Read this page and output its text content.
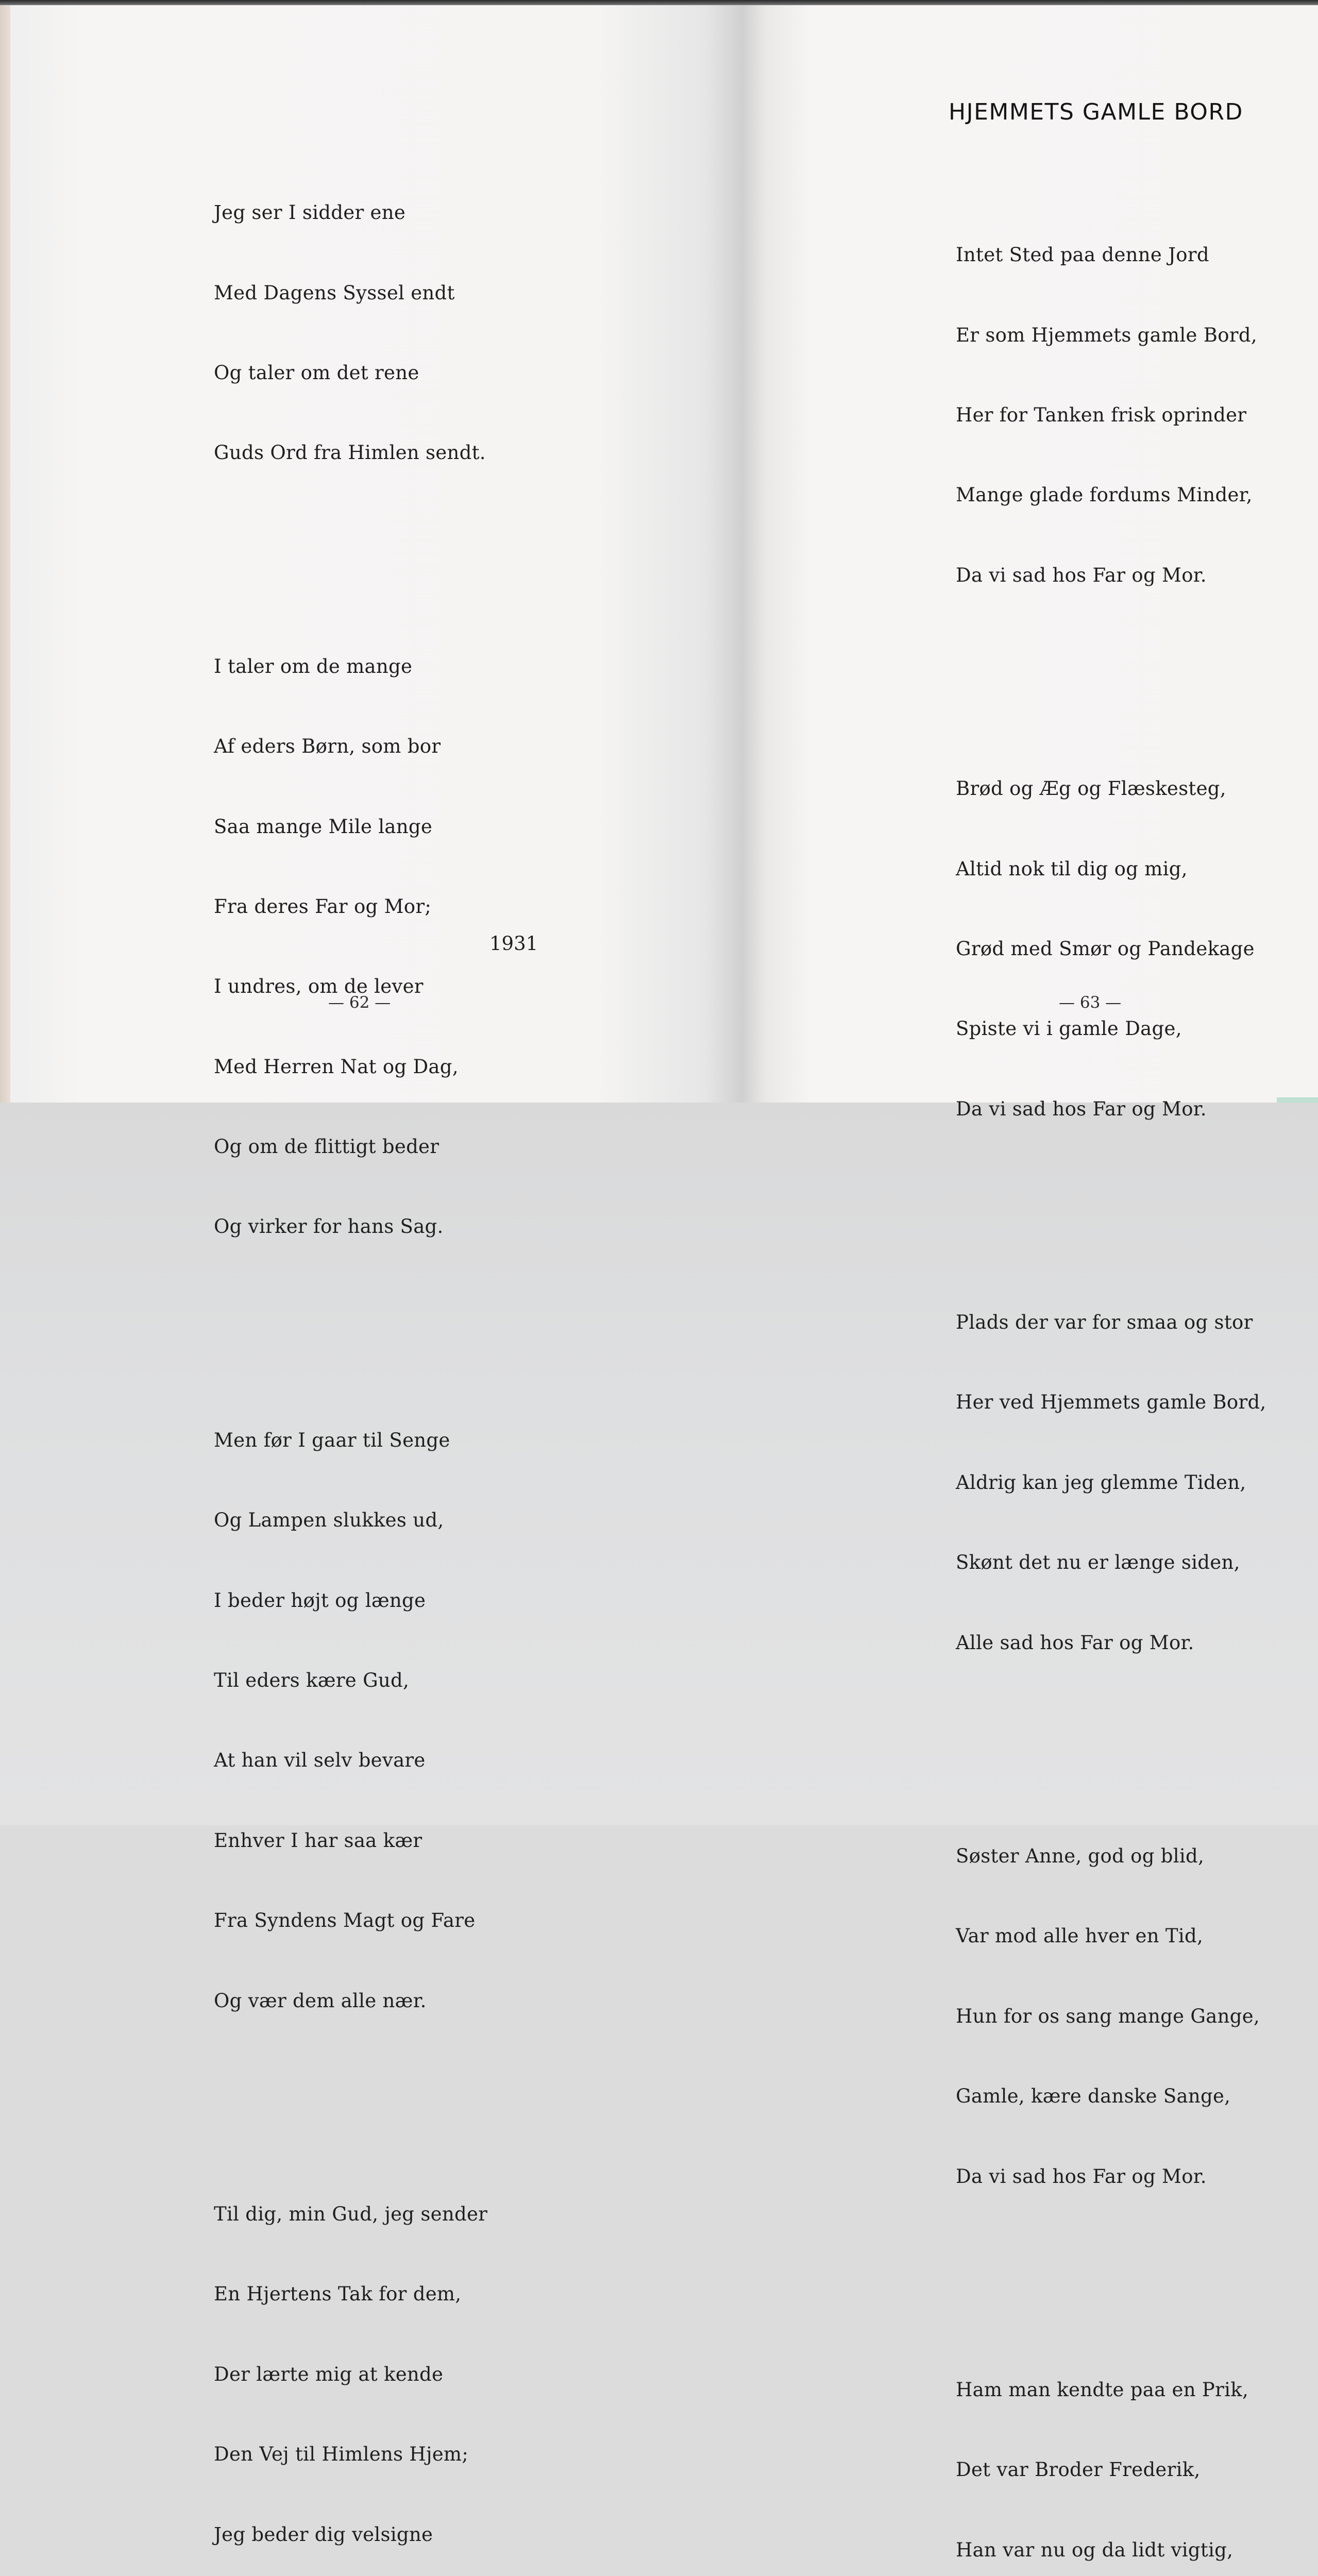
Jeg ser I sidder ene

Med Dagens Syssel endt

Og taler om det rene

Guds Ord fra Himlen sendt.

I taler om de mange

Af eders Børn, som bor

Saa mange Mile lange

Fra deres Far og Mor;

I undres, om de lever

Med Herren Nat og Dag,

Og om de flittigt beder

Og virker for hans Sag.

Men før I gaar til Senge

Og Lampen slukkes ud,

I beder højt og længe

Til eders kære Gud,

At han vil selv bevare

Enhver I har saa kær

Fra Syndens Magt og Fare

Og vær dem alle nær.

Til dig, min Gud, jeg sender

En Hjertens Tak for dem,

Der lærte mig at kende

Den Vej til Himlens Hjem;

Jeg beder dig velsigne

1931
— 62 —
HJEMMETS GAMLE BORD

Intet Sted paa denne Jord

Er som Hjemmets gamle Bord,

Her for Tanken frisk oprinder

Mange glade fordums Minder,

Da vi sad hos Far og Mor.

Brød og Æg og Flæskesteg,

Altid nok til dig og mig,

Grød med Smør og Pandekage

Spiste vi i gamle Dage,

Da vi sad hos Far og Mor.

Plads der var for smaa og stor

Her ved Hjemmets gamle Bord,

Aldrig kan jeg glemme Tiden,

Skønt det nu er længe siden,

Alle sad hos Far og Mor.

Søster Anne, god og blid,

Var mod alle hver en Tid,

Hun for os sang mange Gange,

Gamle, kære danske Sange,

Da vi sad hos Far og Mor.

Ham man kendte paa en Prik,

Det var Broder Frederik,

Han var nu og da lidt vigtig,

— 63 —
